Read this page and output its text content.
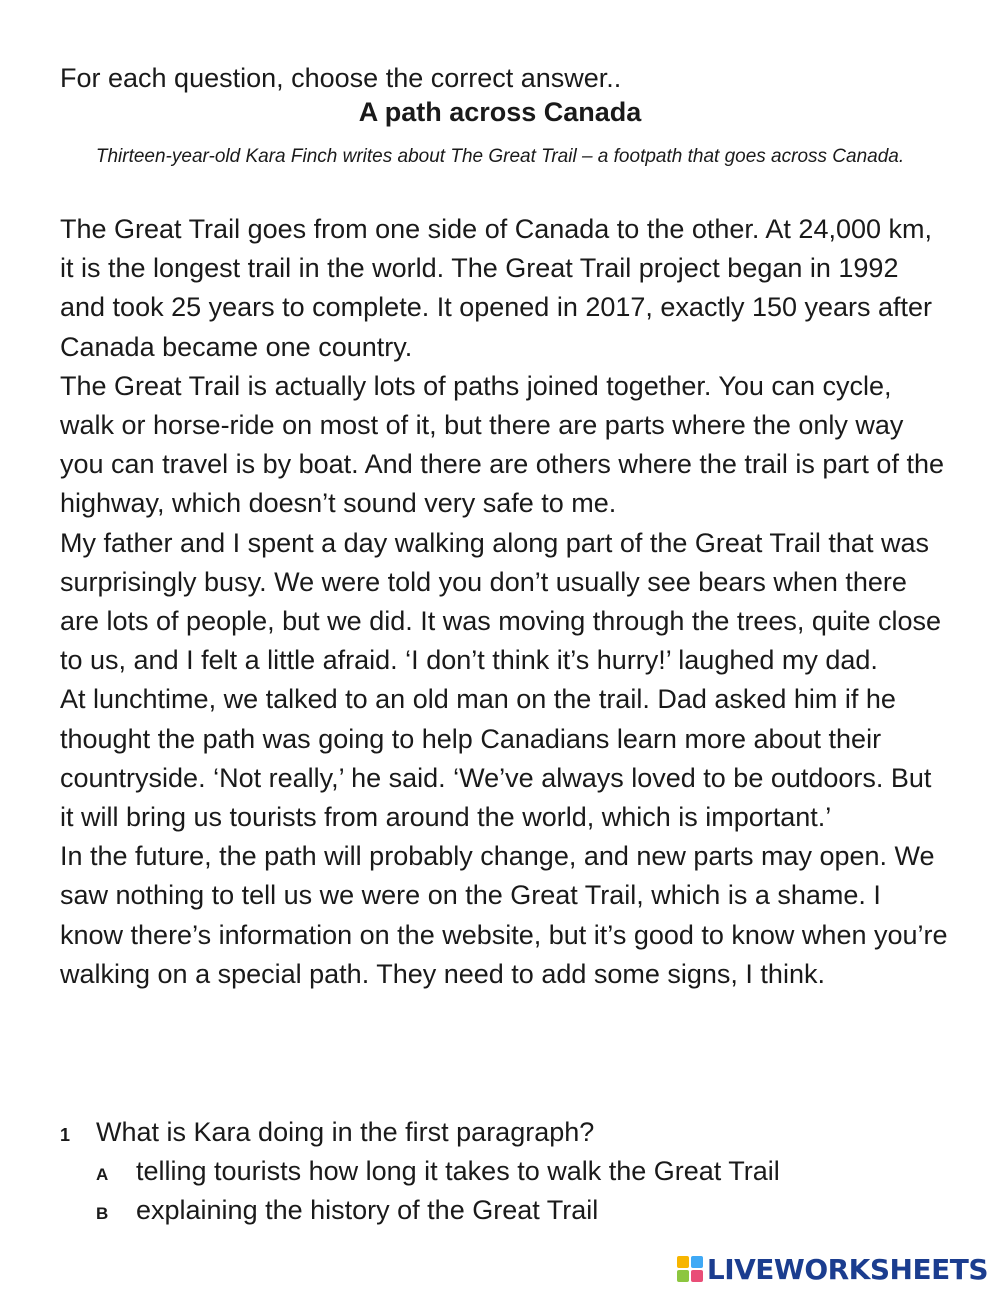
For each question, choose the correct answer..
A path across Canada
Thirteen-year-old Kara Finch writes about The Great Trail – a footpath that goes across Canada.

The Great Trail goes from one side of Canada to the other. At 24,000 km, it is the longest trail in the world. The Great Trail project began in 1992 and took 25 years to complete. It opened in 2017, exactly 150 years after Canada became one country.

The Great Trail is actually lots of paths joined together. You can cycle, walk or horse-ride on most of it, but there are parts where the only way you can travel is by boat. And there are others where the trail is part of the highway, which doesn’t sound very safe to me.

My father and I spent a day walking along part of the Great Trail that was surprisingly busy. We were told you don’t usually see bears when there are lots of people, but we did. It was moving through the trees, quite close to us, and I felt a little afraid. ‘I don’t think it’s hurry!’ laughed my dad.

At lunchtime, we talked to an old man on the trail. Dad asked him if he thought the path was going to help Canadians learn more about their countryside. ‘Not really,’ he said. ‘We’ve always loved to be outdoors. But it will bring us tourists from around the world, which is important.’

In the future, the path will probably change, and new parts may open. We saw nothing to tell us we were on the Great Trail, which is a shame. I know there’s information on the website, but it’s good to know when you’re walking on a special path. They need to add some signs, I think.

1 What is Kara doing in the first paragraph?
A	telling tourists how long it takes to walk the Great Trail
B	explaining the history of the Great Trail
LIVEWORKSHEETS
